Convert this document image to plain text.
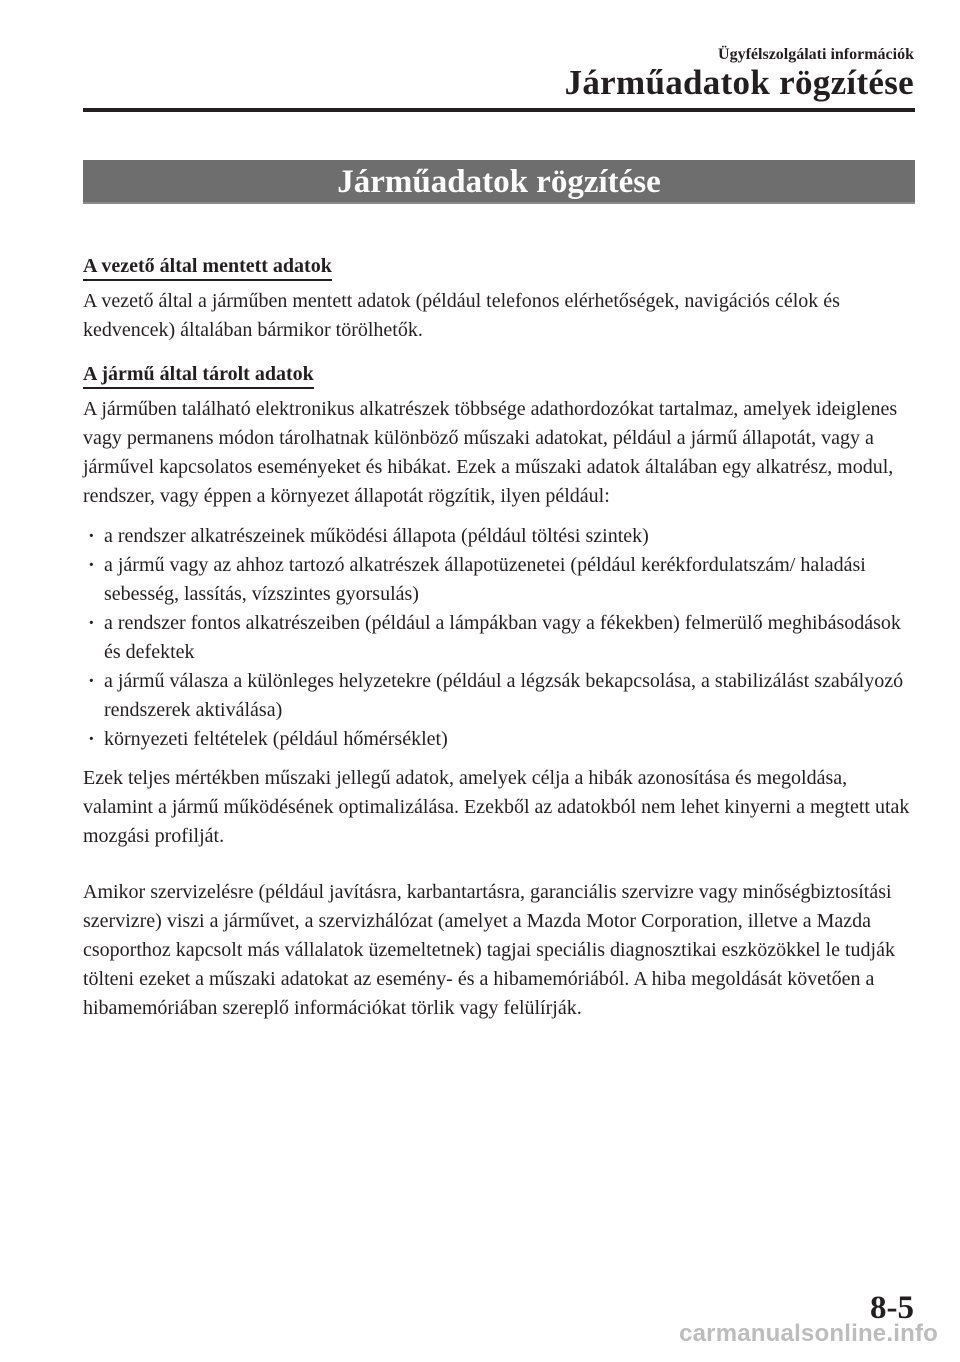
Ügyfélszolgálati információk
Járműadatok rögzítése
Járműadatok rögzítése
A vezető által mentett adatok

A vezető által a járműben mentett adatok (például telefonos elérhetőségek, navigációs célok és kedvencek) általában bármikor törölhetők.

A jármű által tárolt adatok

A járműben található elektronikus alkatrészek többsége adathordozókat tartalmaz, amelyek ideiglenes vagy permanens módon tárolhatnak különböző műszaki adatokat, például a jármű állapotát, vagy a járművel kapcsolatos eseményeket és hibákat. Ezek a műszaki adatok általában egy alkatrész, modul, rendszer, vagy éppen a környezet állapotát rögzítik, ilyen például:

· a rendszer alkatrészeinek működési állapota (például töltési szintek)
· a jármű vagy az ahhoz tartozó alkatrészek állapotüzenetei (például kerékfordulatszám/ haladási sebesség, lassítás, vízszintes gyorsulás)
· a rendszer fontos alkatrészeiben (például a lámpákban vagy a fékekben) felmerülő meghibásodások és defektek
· a jármű válasza a különleges helyzetekre (például a légzsák bekapcsolása, a stabilizálást szabályozó rendszerek aktiválása)
· környezeti feltételek (például hőmérséklet)

Ezek teljes mértékben műszaki jellegű adatok, amelyek célja a hibák azonosítása és megoldása, valamint a jármű működésének optimalizálása. Ezekből az adatokból nem lehet kinyerni a megtett utak mozgási profilját.

Amikor szervizelésre (például javításra, karbantartásra, garanciális szervizre vagy minőségbiztosítási szervizre) viszi a járművet, a szervizhálózat (amelyet a Mazda Motor Corporation, illetve a Mazda csoporthoz kapcsolt más vállalatok üzemeltetnek) tagjai speciális diagnosztikai eszközökkel le tudják tölteni ezeket a műszaki adatokat az esemény- és a hibamemóriából. A hiba megoldását követően a hibamemóriában szereplő információkat törlik vagy felülírják.

8-5
carmanualsonline.info
